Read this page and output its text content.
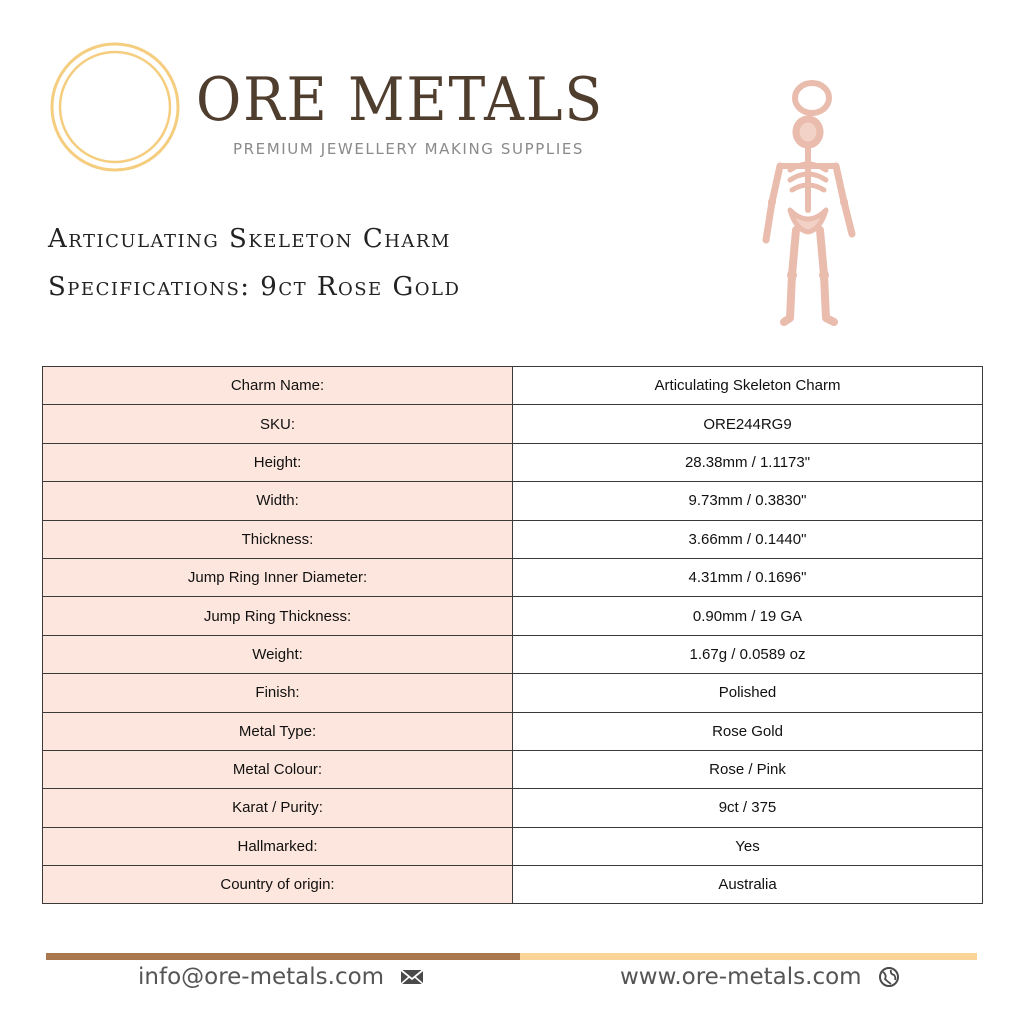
ORE METALS
PREMIUM JEWELLERY MAKING SUPPLIES
Articulating Skeleton Charm
Specifications: 9ct Rose Gold
Charm Name:	Articulating Skeleton Charm
SKU:	ORE244RG9
Height:	28.38mm / 1.1173"
Width:	9.73mm / 0.3830"
Thickness:	3.66mm / 0.1440"
Jump Ring Inner Diameter:	4.31mm / 0.1696"
Jump Ring Thickness:	0.90mm / 19 GA
Weight:	1.67g / 0.0589 oz
Finish:	Polished
Metal Type:	Rose Gold
Metal Colour:	Rose / Pink
Karat / Purity:	9ct / 375
Hallmarked:	Yes
Country of origin:	Australia
info@ore-metals.com	www.ore-metals.com
